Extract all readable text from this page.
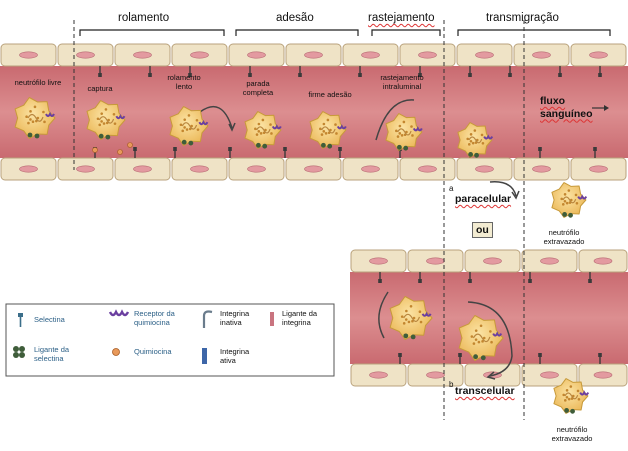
rolamento	adesão	rastejamento	transmigração
neutrófilo livre
captura
rolamento lento	parada completa	firme adesão
rastejamento intraluminal
fluxo sanguíneo
a
paracelular
ou	neutrófilo extravazado
b
transcelular
neutrófilo extravazado
Selectina
Ligante da selectina
Receptor da quimiocina
Quimiocina
Integrina inativa
Integrina ativa
Ligante da integrina
